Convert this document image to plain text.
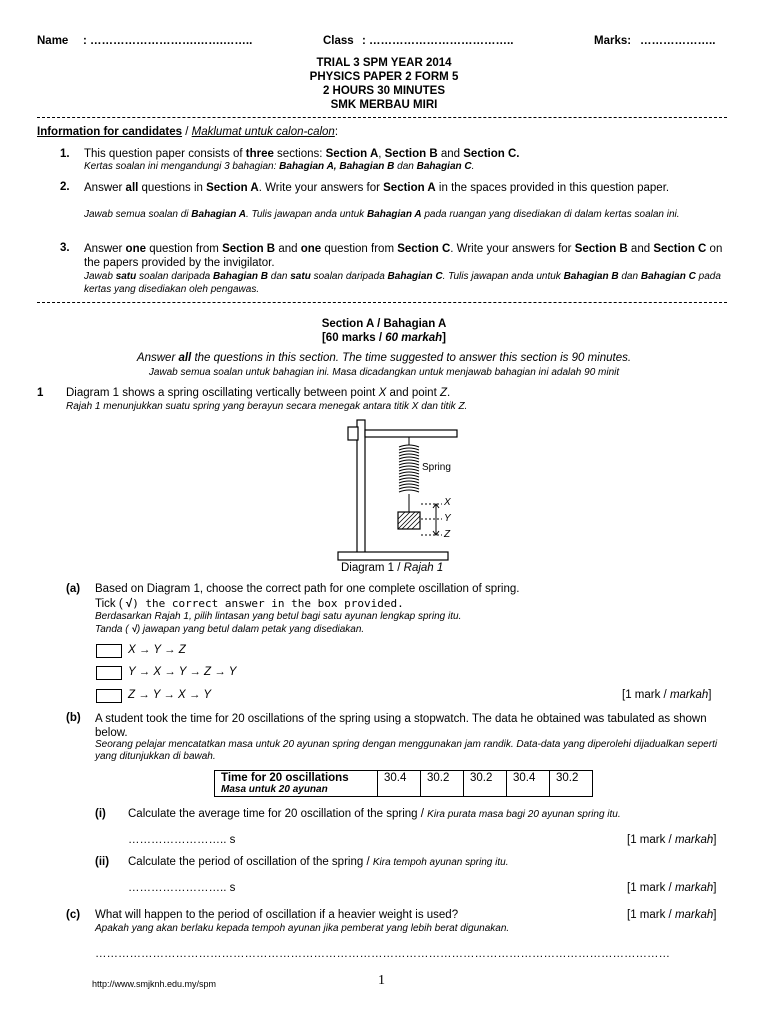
Name : ……………………….…….……..	Class : ………………………………..	Marks: ………………..
TRIAL 3 SPM YEAR 2014
PHYSICS PAPER 2 FORM 5
2 HOURS 30 MINUTES
SMK MERBAU MIRI
Information for candidates / Maklumat untuk calon-calon:
1. This question paper consists of three sections: Section A, Section B and Section C.
Kertas soalan ini mengandungi 3 bahagian: Bahagian A, Bahagian B dan Bahagian C.
2. Answer all questions in Section A. Write your answers for Section A in the spaces provided in this question paper.
Jawab semua soalan di Bahagian A. Tulis jawapan anda untuk Bahagian A pada ruangan yang disediakan di dalam kertas soalan ini.
3. Answer one question from Section B and one question from Section C. Write your answers for Section B and Section C on the papers provided by the invigilator.
Jawab satu soalan daripada Bahagian B dan satu soalan daripada Bahagian C. Tulis jawapan anda untuk Bahagian B dan Bahagian C pada kertas yang disediakan oleh pengawas.
Section A / Bahagian A
[60 marks / 60 markah]
Answer all the questions in this section. The time suggested to answer this section is 90 minutes.
Jawab semua soalan untuk bahagian ini. Masa dicadangkan untuk menjawab bahagian ini adalah 90 minit
1 Diagram 1 shows a spring oscillating vertically between point X and point Z.
Rajah 1 menunjukkan suatu spring yang berayun secara menegak antara titik X dan titik Z.
Spring
X
Y
Z
Diagram 1 / Rajah 1
(a) Based on Diagram 1, choose the correct path for one complete oscillation of spring.
Tick ( √) the correct answer in the box provided.
Berdasarkan Rajah 1, pilih lintasan yang betul bagi satu ayunan lengkap spring itu.
Tanda ( √) jawapan yang betul dalam petak yang disediakan.
X → Y → Z
Y → X → Y → Z → Y
Z → Y → X → Y	[1 mark / markah]
(b) A student took the time for 20 oscillations of the spring using a stopwatch. The data he obtained was tabulated as shown below.
Seorang pelajar mencatatkan masa untuk 20 ayunan spring dengan menggunakan jam randik. Data-data yang diperolehi dijadualkan seperti yang ditunjukkan di bawah.
Time for 20 oscillations
Masa untuk 20 ayunan
	30.4	30.2	30.2	30.4	30.2
(i) Calculate the average time for 20 oscillation of the spring / Kira purata masa bagi 20 ayunan spring itu.
…………………….. s	[1 mark / markah]
(ii) Calculate the period of oscillation of the spring / Kira tempoh ayunan spring itu.
…………………….. s	[1 mark / markah]
(c) What will happen to the period of oscillation if a heavier weight is used?	[1 mark / markah]
Apakah yang akan berlaku kepada tempoh ayunan jika pemberat yang lebih berat digunakan.
……………………………………………………………………………………………………………………………………
http://www.smjknh.edu.my/spm	1
